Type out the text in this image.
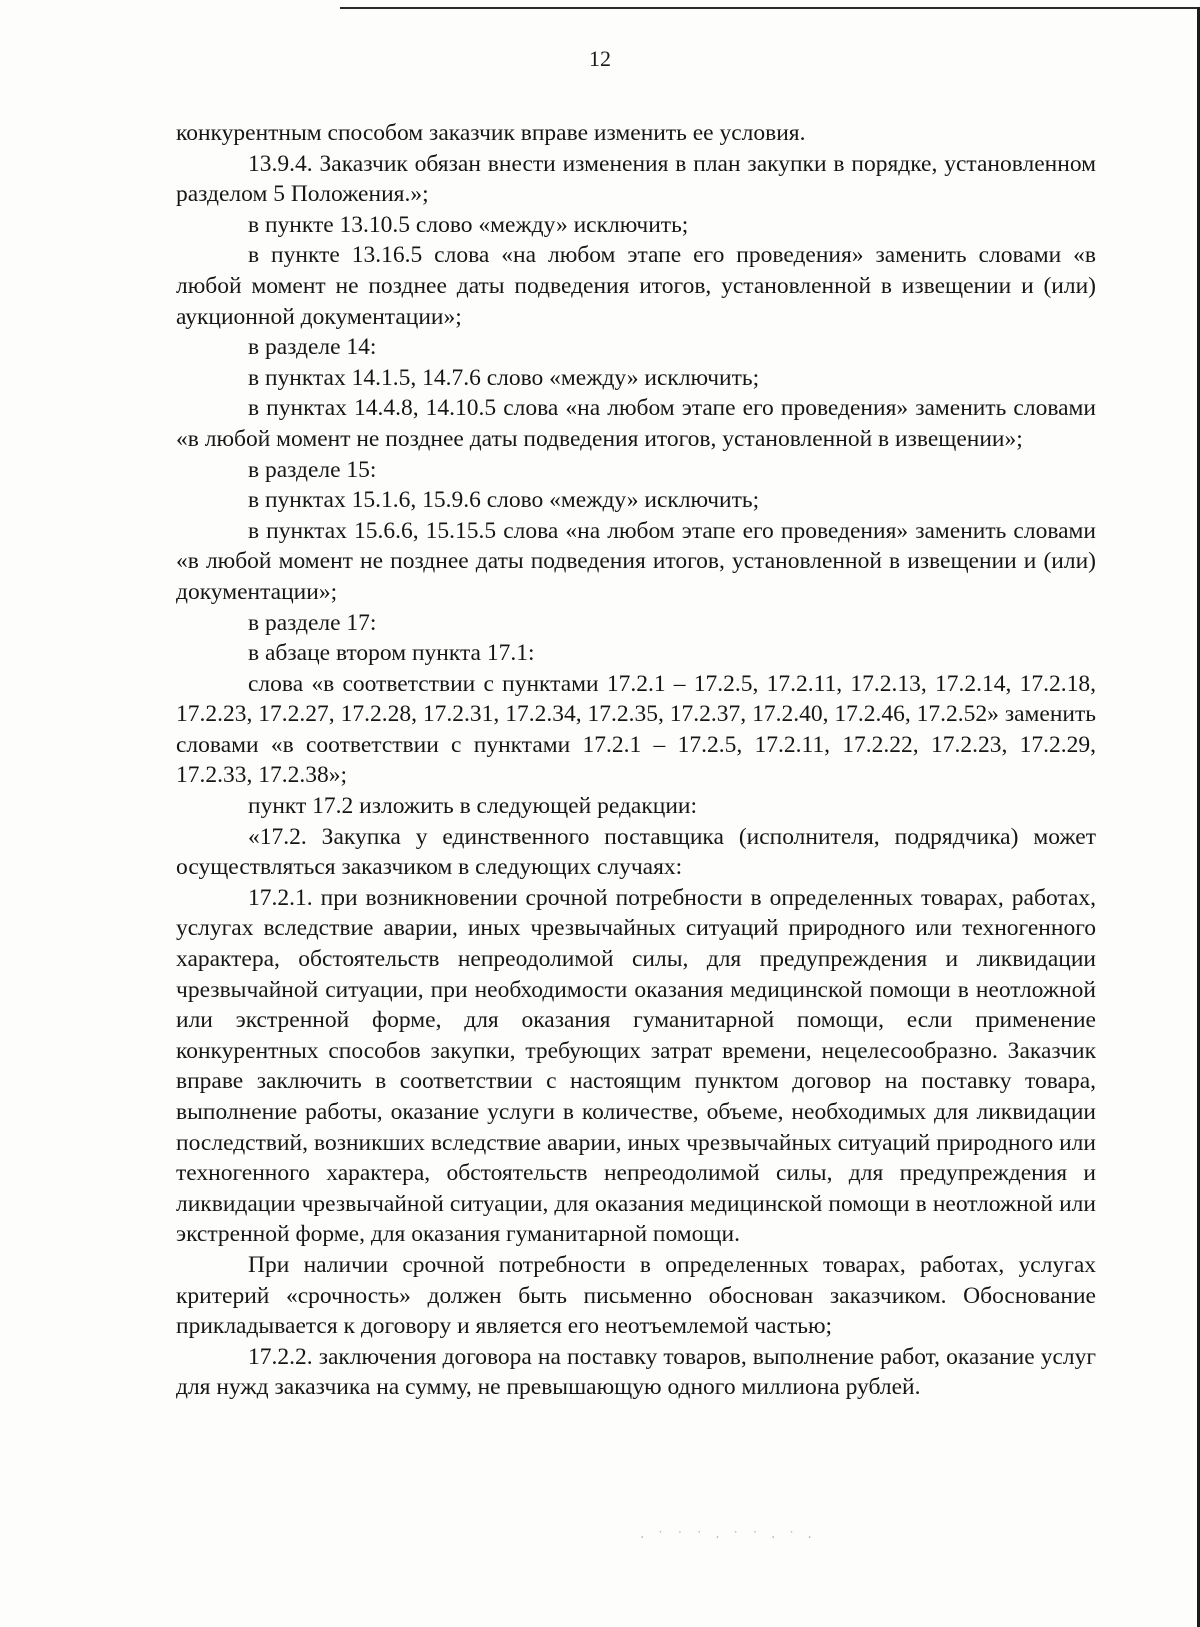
12

конкурентным способом заказчик вправе изменить ее условия.

13.9.4. Заказчик обязан внести изменения в план закупки в порядке, установленном разделом 5 Положения.»;

в пункте 13.10.5 слово «между» исключить;

в пункте 13.16.5 слова «на любом этапе его проведения» заменить словами «в любой момент не позднее даты подведения итогов, установленной в извещении и (или) аукционной документации»;

в разделе 14:

в пунктах 14.1.5, 14.7.6 слово «между» исключить;

в пунктах 14.4.8, 14.10.5 слова «на любом этапе его проведения» заменить словами «в любой момент не позднее даты подведения итогов, установленной в извещении»;

в разделе 15:

в пунктах 15.1.6, 15.9.6 слово «между» исключить;

в пунктах 15.6.6, 15.15.5 слова «на любом этапе его проведения» заменить словами «в любой момент не позднее даты подведения итогов, установленной в извещении и (или) документации»;

в разделе 17:

в абзаце втором пункта 17.1:

слова «в соответствии с пунктами 17.2.1 – 17.2.5, 17.2.11, 17.2.13, 17.2.14, 17.2.18, 17.2.23, 17.2.27, 17.2.28, 17.2.31, 17.2.34, 17.2.35, 17.2.37, 17.2.40, 17.2.46, 17.2.52» заменить словами «в соответствии с пунктами 17.2.1 – 17.2.5, 17.2.11, 17.2.22, 17.2.23, 17.2.29, 17.2.33, 17.2.38»;

пункт 17.2 изложить в следующей редакции:

«17.2. Закупка у единственного поставщика (исполнителя, подрядчика) может осуществляться заказчиком в следующих случаях:

17.2.1. при возникновении срочной потребности в определенных товарах, работах, услугах вследствие аварии, иных чрезвычайных ситуаций природного или техногенного характера, обстоятельств непреодолимой силы, для предупреждения и ликвидации чрезвычайной ситуации, при необходимости оказания медицинской помощи в неотложной или экстренной форме, для оказания гуманитарной помощи, если применение конкурентных способов закупки, требующих затрат времени, нецелесообразно. Заказчик вправе заключить в соответствии с настоящим пунктом договор на поставку товара, выполнение работы, оказание услуги в количестве, объеме, необходимых для ликвидации последствий, возникших вследствие аварии, иных чрезвычайных ситуаций природного или техногенного характера, обстоятельств непреодолимой силы, для предупреждения и ликвидации чрезвычайной ситуации, для оказания медицинской помощи в неотложной или экстренной форме, для оказания гуманитарной помощи.

При наличии срочной потребности в определенных товарах, работах, услугах критерий «срочность» должен быть письменно обоснован заказчиком. Обоснование прикладывается к договору и является его неотъемлемой частью;

17.2.2. заключения договора на поставку товаров, выполнение работ, оказание услуг для нужд заказчика на сумму, не превышающую одного миллиона рублей.

· ˙ ˙ ˙ · ˙ ˙ · ˙ ·
